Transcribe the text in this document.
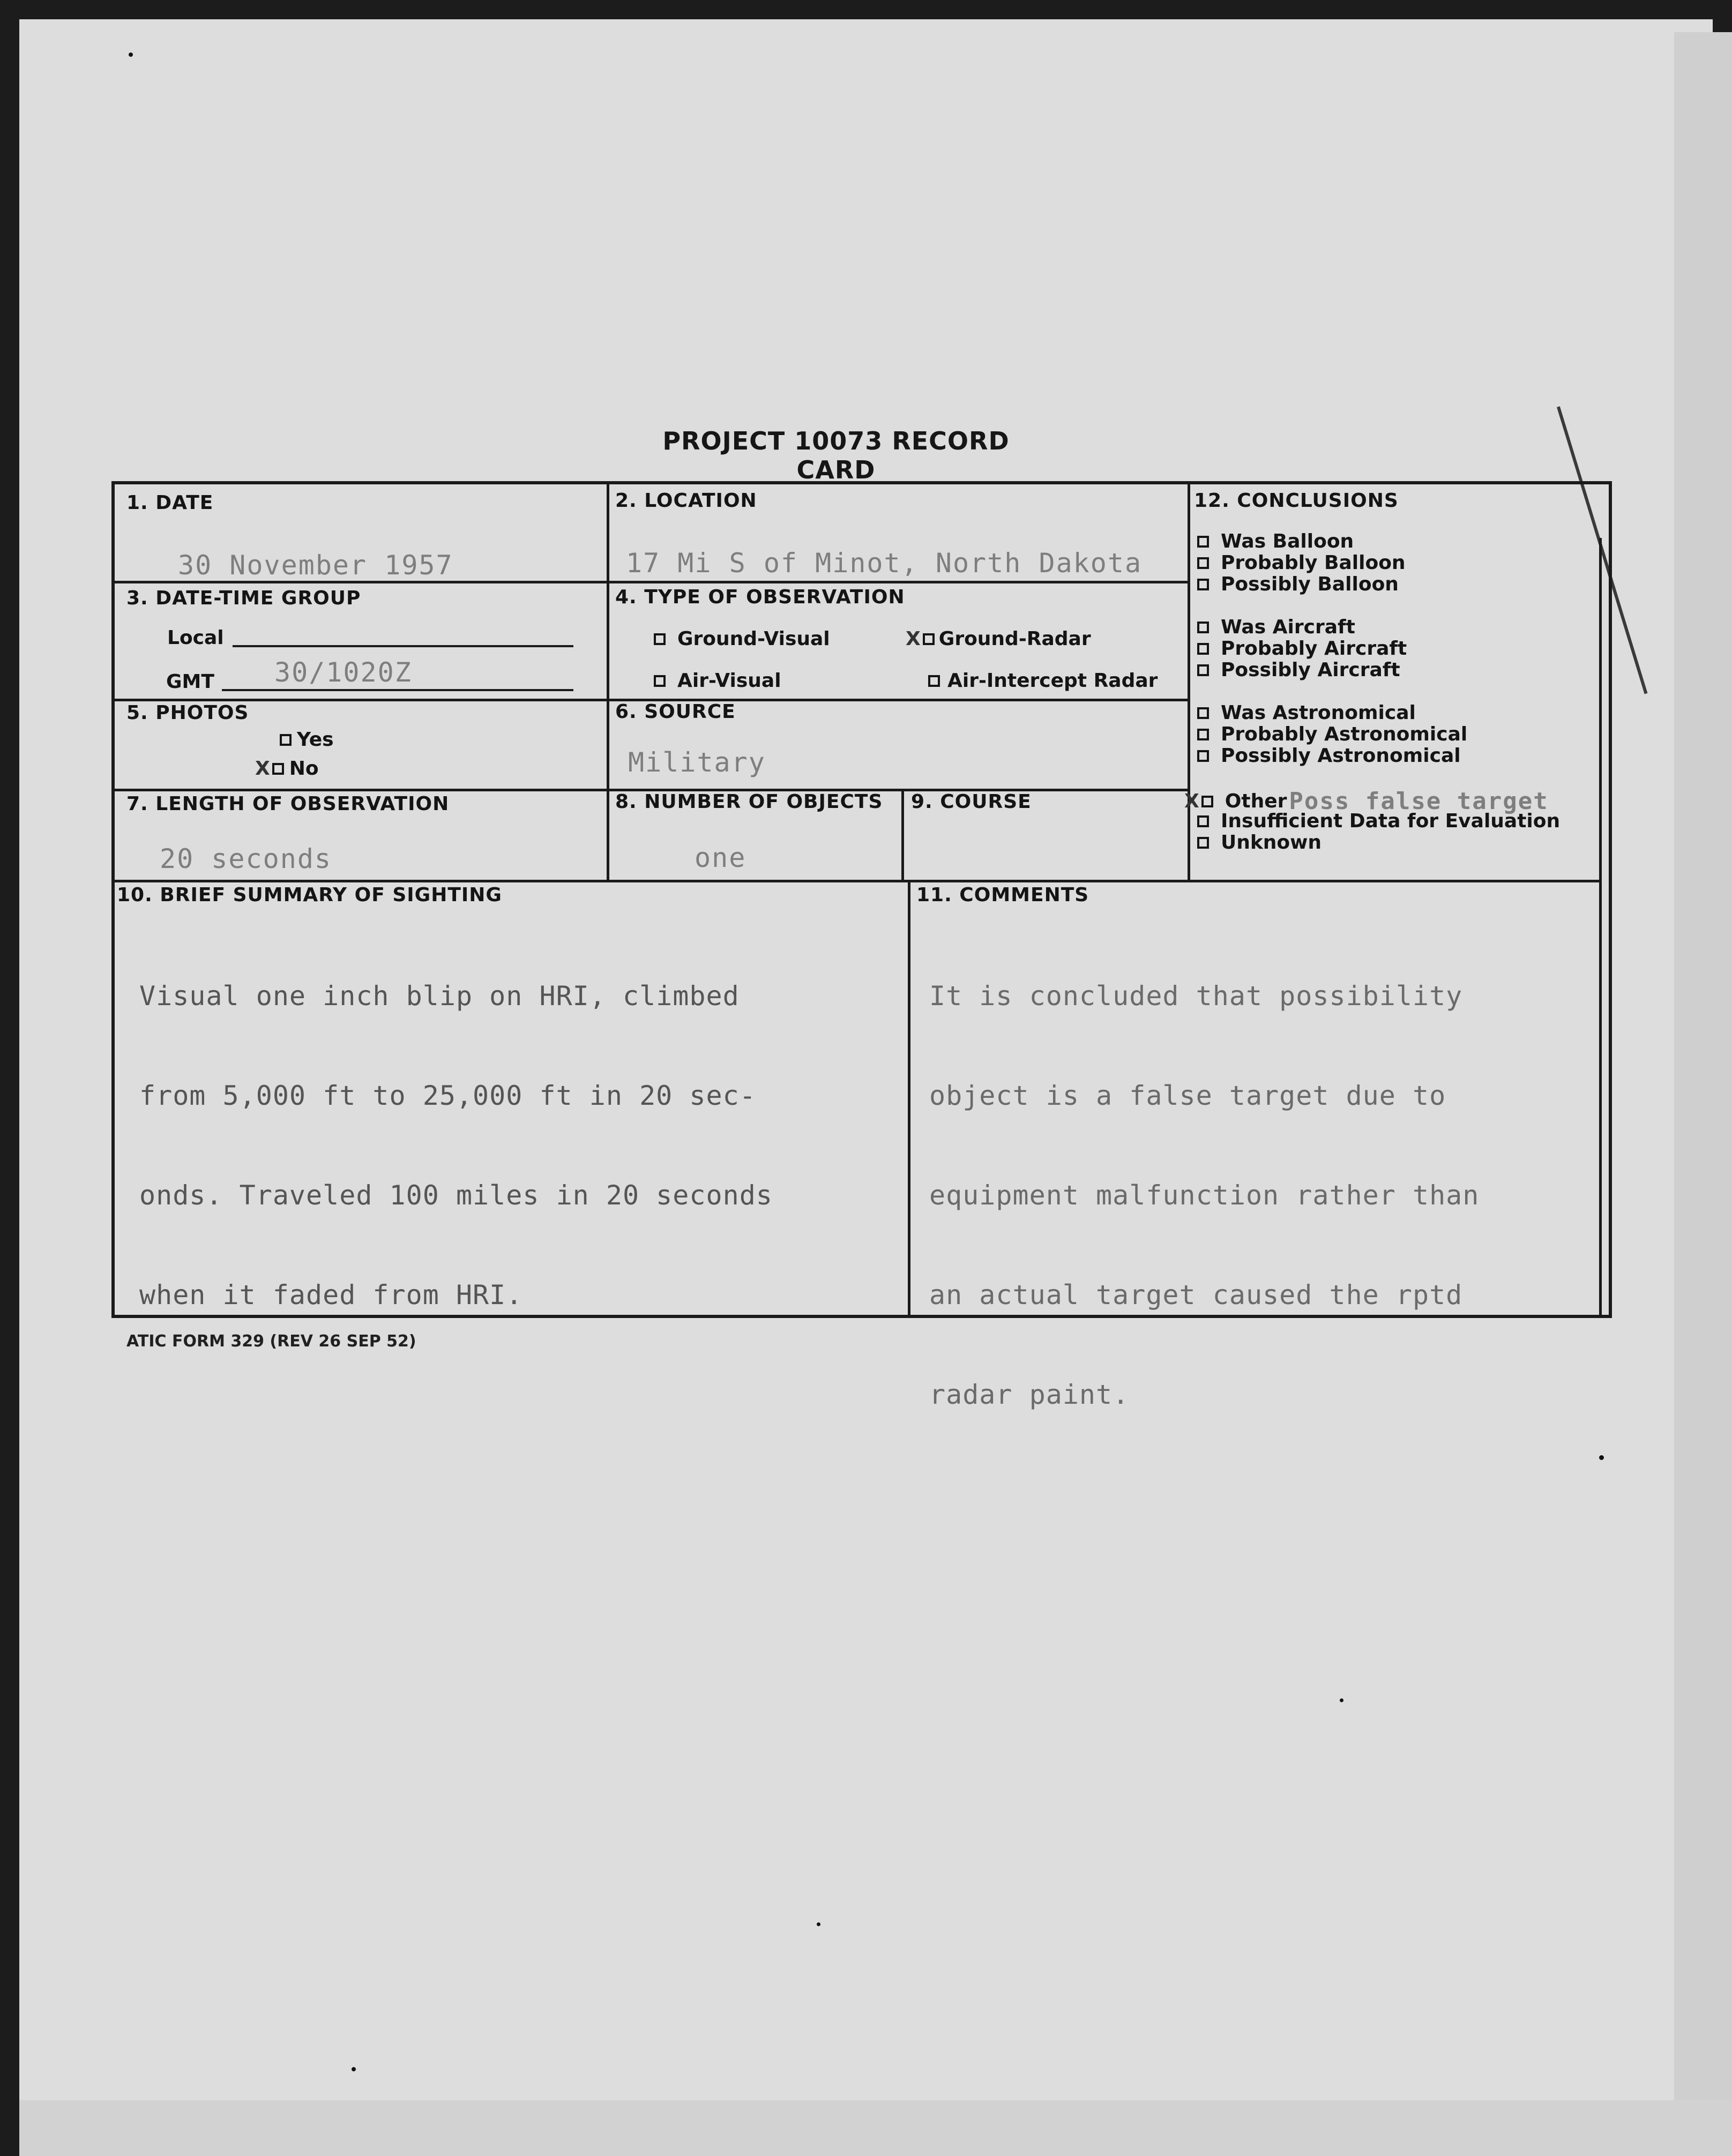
PROJECT 10073 RECORD CARD
1. DATE
30 November 1957
2. LOCATION
17 Mi S of Minot, North Dakota
3. DATE-TIME GROUP
Local
GMT 30/1020Z
4. TYPE OF OBSERVATION
Ground-Visual	X Ground-Radar
Air-Visual	Air-Intercept Radar
5. PHOTOS
Yes
X No
6. SOURCE
Military
7. LENGTH OF OBSERVATION
20 seconds
8. NUMBER OF OBJECTS
one
9. COURSE
10. BRIEF SUMMARY OF SIGHTING

Visual one inch blip on HRI, climbed

from 5,000 ft to 25,000 ft in 20 sec-

onds. Traveled 100 miles in 20 seconds

when it faded from HRI.

11. COMMENTS

It is concluded that possibility

object is a false target due to

equipment malfunction rather than

an actual target caused the rptd

radar paint.

12. CONCLUSIONS
Was Balloon
Probably Balloon
Possibly Balloon
Was Aircraft
Probably Aircraft
Possibly Aircraft
Was Astronomical
Probably Astronomical
Possibly Astronomical
X Other Poss false target
Insufficient Data for Evaluation
Unknown
ATIC FORM 329 (REV 26 SEP 52)
